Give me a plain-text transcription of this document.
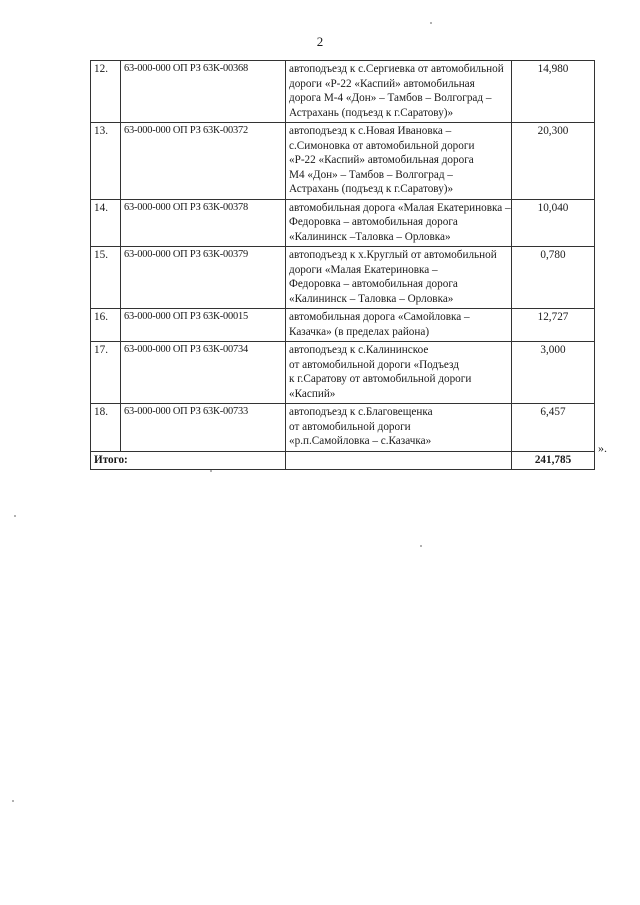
2
12.	63-000-000 ОП РЗ 63К-00368	автоподъезд к с.Сергиевка от автомобильной
дороги «Р-22 «Каспий» автомобильная
дорога М-4 «Дон» – Тамбов – Волгоград –
Астрахань (подъезд к г.Саратову)»	14,980
13.	63-000-000 ОП РЗ 63К-00372	автоподъезд к с.Новая Ивановка –
с.Симоновка от автомобильной дороги
«Р-22 «Каспий» автомобильная дорога
М4 «Дон» – Тамбов – Волгоград –
Астрахань (подъезд к г.Саратову)»	20,300
14.	63-000-000 ОП РЗ 63К-00378	автомобильная дорога «Малая Екатериновка –
Федоровка – автомобильная дорога
«Калининск –Таловка – Орловка»	10,040
15.	63-000-000 ОП РЗ 63К-00379	автоподъезд к х.Круглый от автомобильной
дороги «Малая Екатериновка –
Федоровка – автомобильная дорога
«Калининск – Таловка – Орловка»	0,780
16.	63-000-000 ОП РЗ 63К-00015	автомобильная дорога «Самойловка –
Казачка» (в пределах района)	12,727
17.	63-000-000 ОП РЗ 63К-00734	автоподъезд к с.Калининское
от автомобильной дороги «Подъезд
к г.Саратову от автомобильной дороги
«Каспий»	3,000
18.	63-000-000 ОП РЗ 63К-00733	автоподъезд к с.Благовещенка
от автомобильной дороги
«р.п.Самойловка – с.Казачка»	6,457
Итого:			241,785
».
